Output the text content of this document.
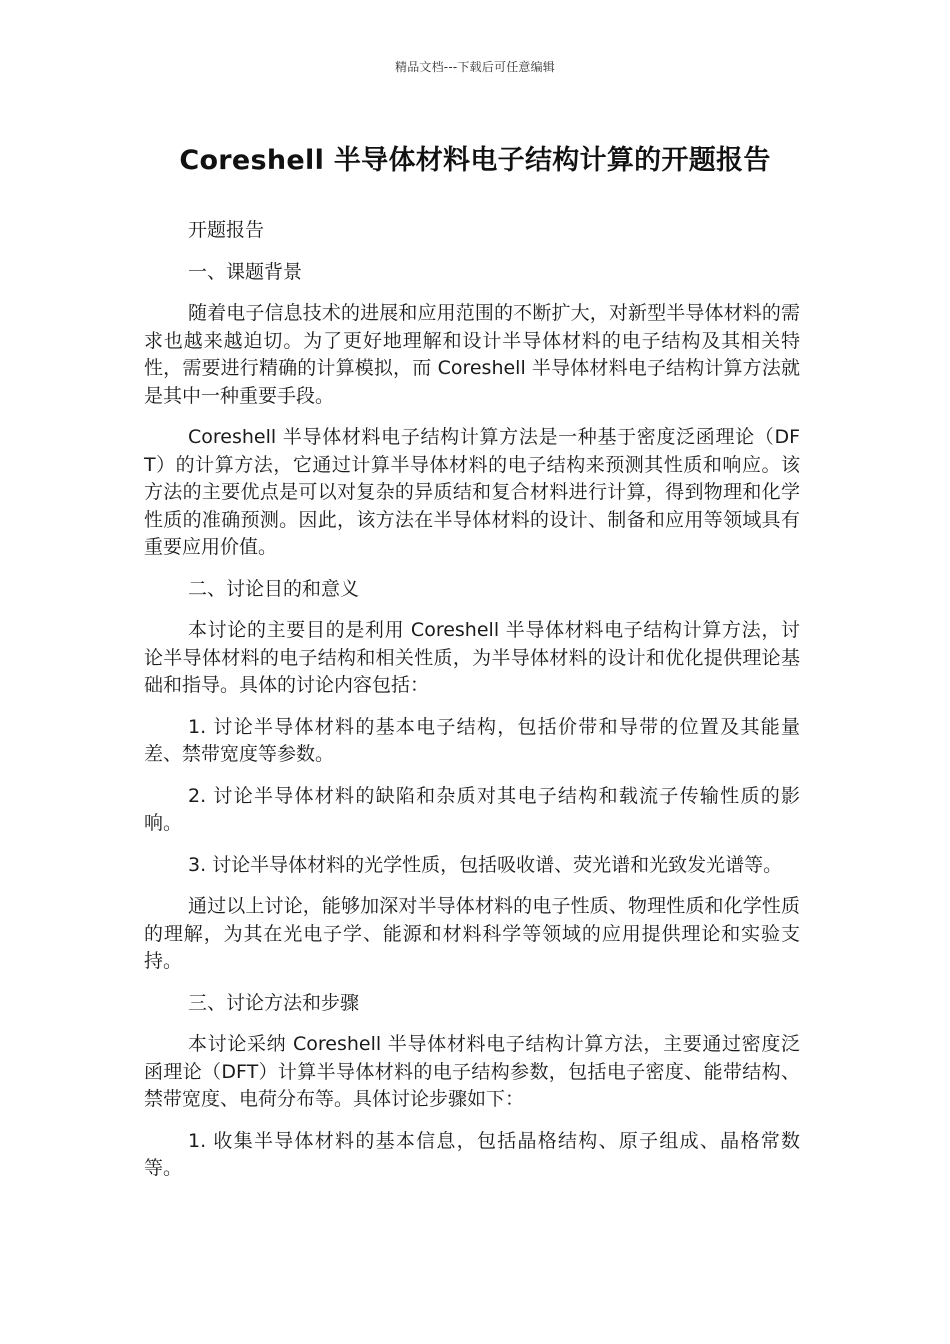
精品文档---下载后可任意编辑
Coreshell 半导体材料电子结构计算的开题报告

开题报告

一、课题背景

随着电子信息技术的进展和应用范围的不断扩大，对新型半导体材料的需求也越来越迫切。为了更好地理解和设计半导体材料的电子结构及其相关特性，需要进行精确的计算模拟，而 Coreshell 半导体材料电子结构计算方法就是其中一种重要手段。

Coreshell 半导体材料电子结构计算方法是一种基于密度泛函理论（DFT）的计算方法，它通过计算半导体材料的电子结构来预测其性质和响应。该方法的主要优点是可以对复杂的异质结和复合材料进行计算，得到物理和化学性质的准确预测。因此，该方法在半导体材料的设计、制备和应用等领域具有重要应用价值。

二、讨论目的和意义

本讨论的主要目的是利用 Coreshell 半导体材料电子结构计算方法，讨论半导体材料的电子结构和相关性质，为半导体材料的设计和优化提供理论基础和指导。具体的讨论内容包括：

1. 讨论半导体材料的基本电子结构，包括价带和导带的位置及其能量差、禁带宽度等参数。

2. 讨论半导体材料的缺陷和杂质对其电子结构和载流子传输性质的影响。

3. 讨论半导体材料的光学性质，包括吸收谱、荧光谱和光致发光谱等。

通过以上讨论，能够加深对半导体材料的电子性质、物理性质和化学性质的理解，为其在光电子学、能源和材料科学等领域的应用提供理论和实验支持。

三、讨论方法和步骤

本讨论采纳 Coreshell 半导体材料电子结构计算方法，主要通过密度泛函理论（DFT）计算半导体材料的电子结构参数，包括电子密度、能带结构、禁带宽度、电荷分布等。具体讨论步骤如下：

1. 收集半导体材料的基本信息，包括晶格结构、原子组成、晶格常数等。
